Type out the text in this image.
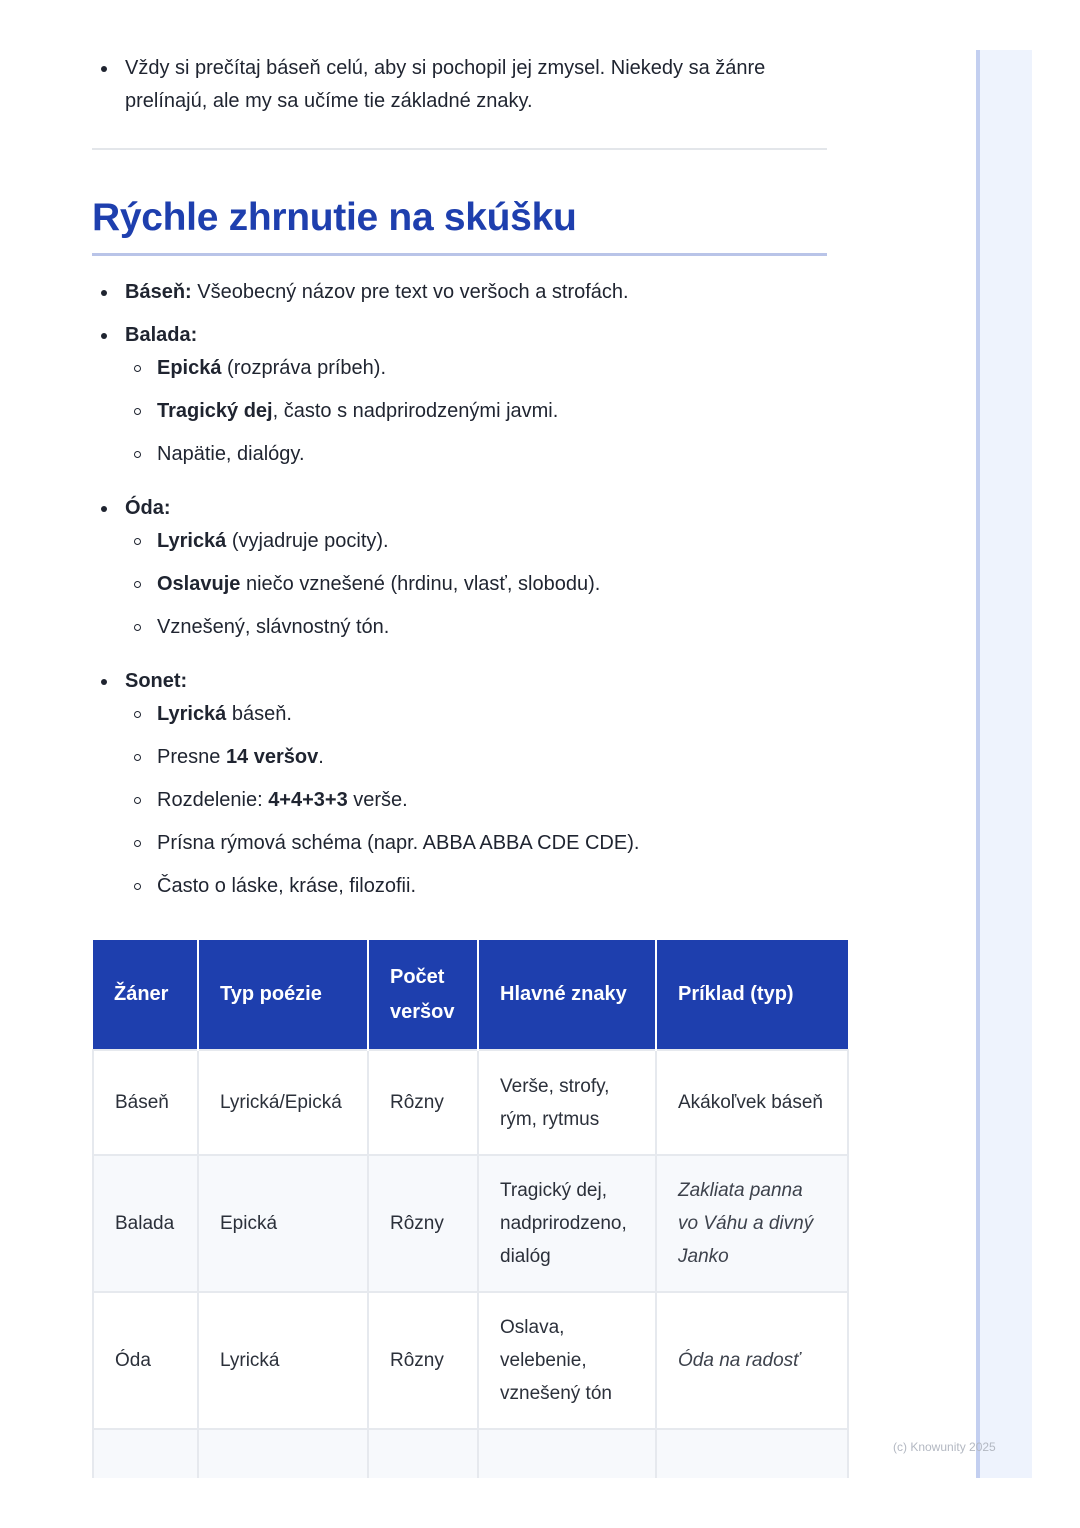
Vždy si prečítaj báseň celú, aby si pochopil jej zmysel. Niekedy sa žánre prelínajú, ale my sa učíme tie základné znaky.
Rýchle zhrnutie na skúšku
Báseň: Všeobecný názov pre text vo veršoch a strofách.
Balada:
Epická (rozpráva príbeh).
Tragický dej, často s nadprirodzenými javmi.
Napätie, dialógy.
Óda:
Lyrická (vyjadruje pocity).
Oslavuje niečo vznešené (hrdinu, vlasť, slobodu).
Vznešený, slávnostný tón.
Sonet:
Lyrická báseň.
Presne 14 veršov.
Rozdelenie: 4+4+3+3 verše.
Prísna rýmová schéma (napr. ABBA ABBA CDE CDE).
Často o láske, kráse, filozofii.
Žáner	Typ poézie	Počet veršov	Hlavné znaky	Príklad (typ)
Báseň	Lyrická/Epická	Rôzny	Verše, strofy, rým, rytmus	Akákoľvek báseň
Balada	Epická	Rôzny	Tragický dej, nadprirodzeno, dialóg	Zakliata panna vo Váhu a divný Janko
Óda	Lyrická	Rôzny	Oslava, velebenie, vznešený tón	Óda na radosť

(c) Knowunity 2025
